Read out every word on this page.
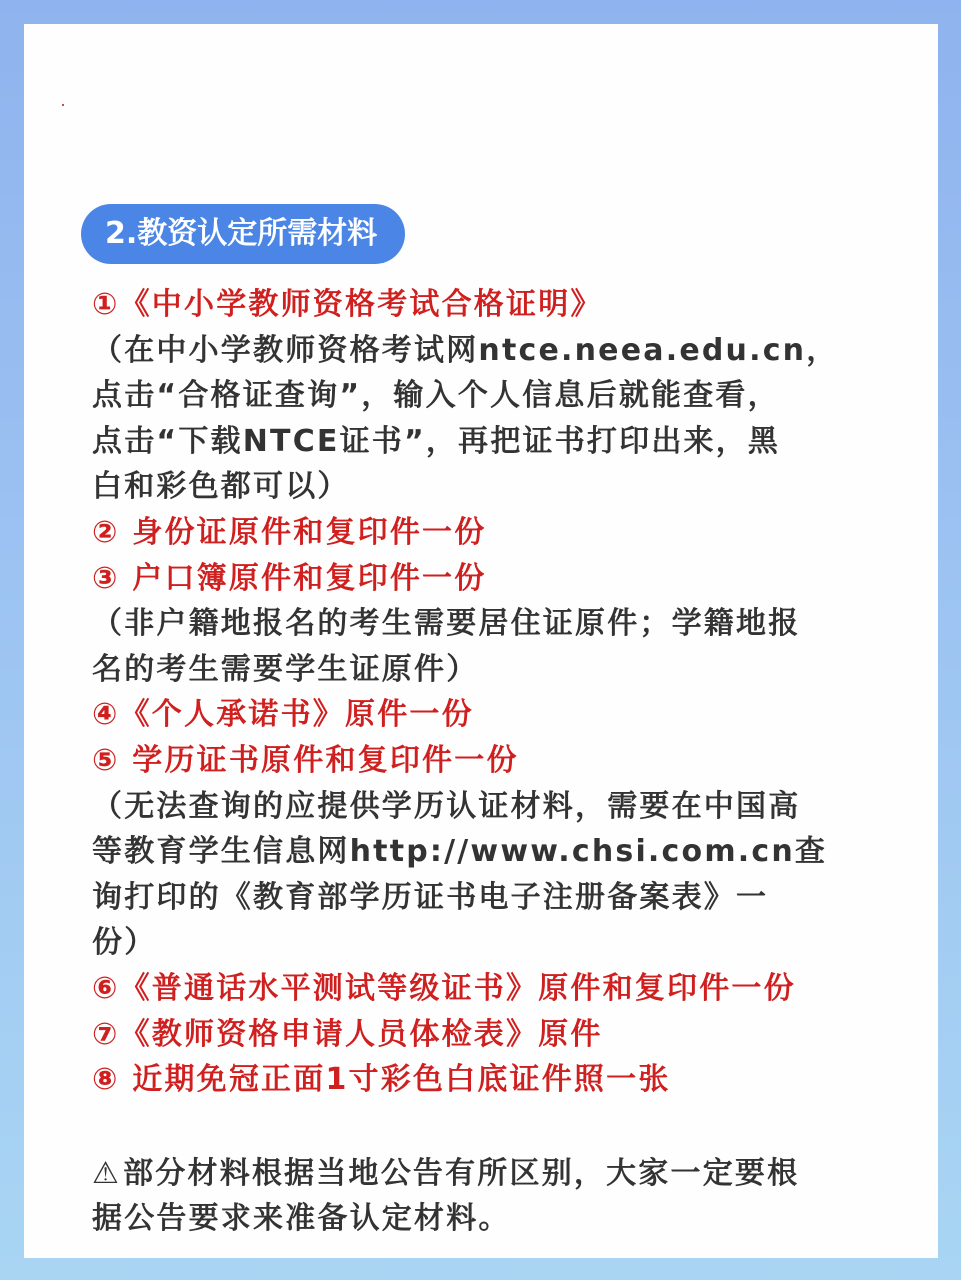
2.教资认定所需材料
①《中小学教师资格考试合格证明》
（在中小学教师资格考试网ntce.neea.edu.cn，
点击“合格证查询”，输入个人信息后就能查看，
点击“下载NTCE证书”，再把证书打印出来，黑
白和彩色都可以）
② 身份证原件和复印件一份
③ 户口簿原件和复印件一份
（非户籍地报名的考生需要居住证原件；学籍地报
名的考生需要学生证原件）
④《个人承诺书》原件一份
⑤ 学历证书原件和复印件一份
（无法查询的应提供学历认证材料，需要在中国高
等教育学生信息网http://www.chsi.com.cn查
询打印的《教育部学历证书电子注册备案表》一
份）
⑥《普通话水平测试等级证书》原件和复印件一份
⑦《教师资格申请人员体检表》原件
⑧ 近期免冠正面1寸彩色白底证件照一张
⚠部分材料根据当地公告有所区别，大家一定要根
据公告要求来准备认定材料。
